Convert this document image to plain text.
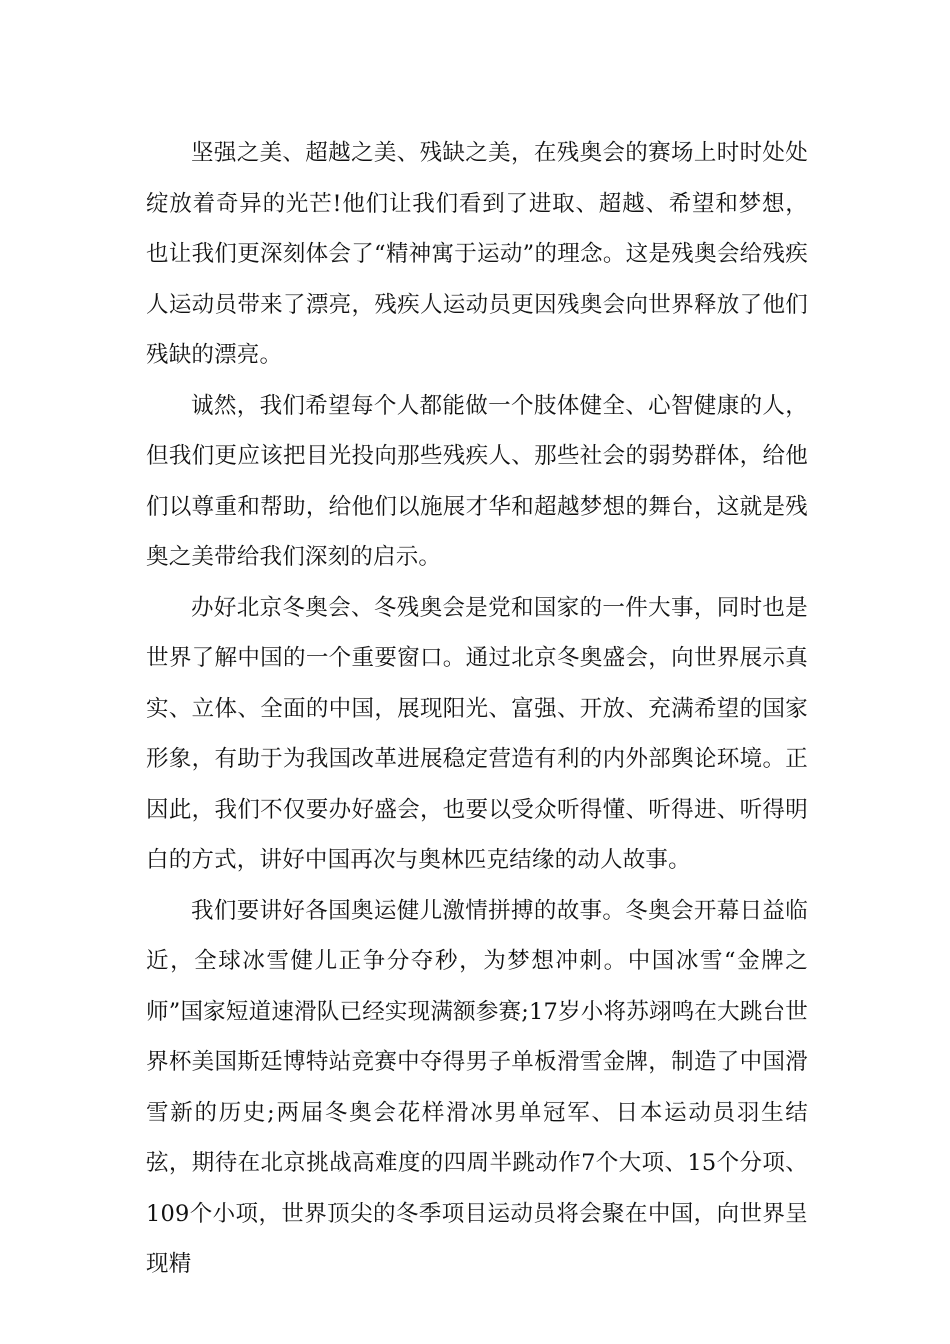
坚强之美、超越之美、残缺之美，在残奥会的赛场上时时处处绽放着奇异的光芒!他们让我们看到了进取、超越、希望和梦想，也让我们更深刻体会了“精神寓于运动”的理念。这是残奥会给残疾人运动员带来了漂亮，残疾人运动员更因残奥会向世界释放了他们残缺的漂亮。

诚然，我们希望每个人都能做一个肢体健全、心智健康的人，但我们更应该把目光投向那些残疾人、那些社会的弱势群体，给他们以尊重和帮助，给他们以施展才华和超越梦想的舞台，这就是残奥之美带给我们深刻的启示。

办好北京冬奥会、冬残奥会是党和国家的一件大事，同时也是世界了解中国的一个重要窗口。通过北京冬奥盛会，向世界展示真实、立体、全面的中国，展现阳光、富强、开放、充满希望的国家形象，有助于为我国改革进展稳定营造有利的内外部舆论环境。正因此，我们不仅要办好盛会，也要以受众听得懂、听得进、听得明白的方式，讲好中国再次与奥林匹克结缘的动人故事。

我们要讲好各国奥运健儿激情拼搏的故事。冬奥会开幕日益临近，全球冰雪健儿正争分夺秒，为梦想冲刺。中国冰雪“金牌之师”国家短道速滑队已经实现满额参赛;17岁小将苏翊鸣在大跳台世界杯美国斯廷博特站竞赛中夺得男子单板滑雪金牌，制造了中国滑雪新的历史;两届冬奥会花样滑冰男单冠军、日本运动员羽生结弦，期待在北京挑战高难度的四周半跳动作7个大项、15个分项、109个小项，世界顶尖的冬季项目运动员将会聚在中国，向世界呈现精
